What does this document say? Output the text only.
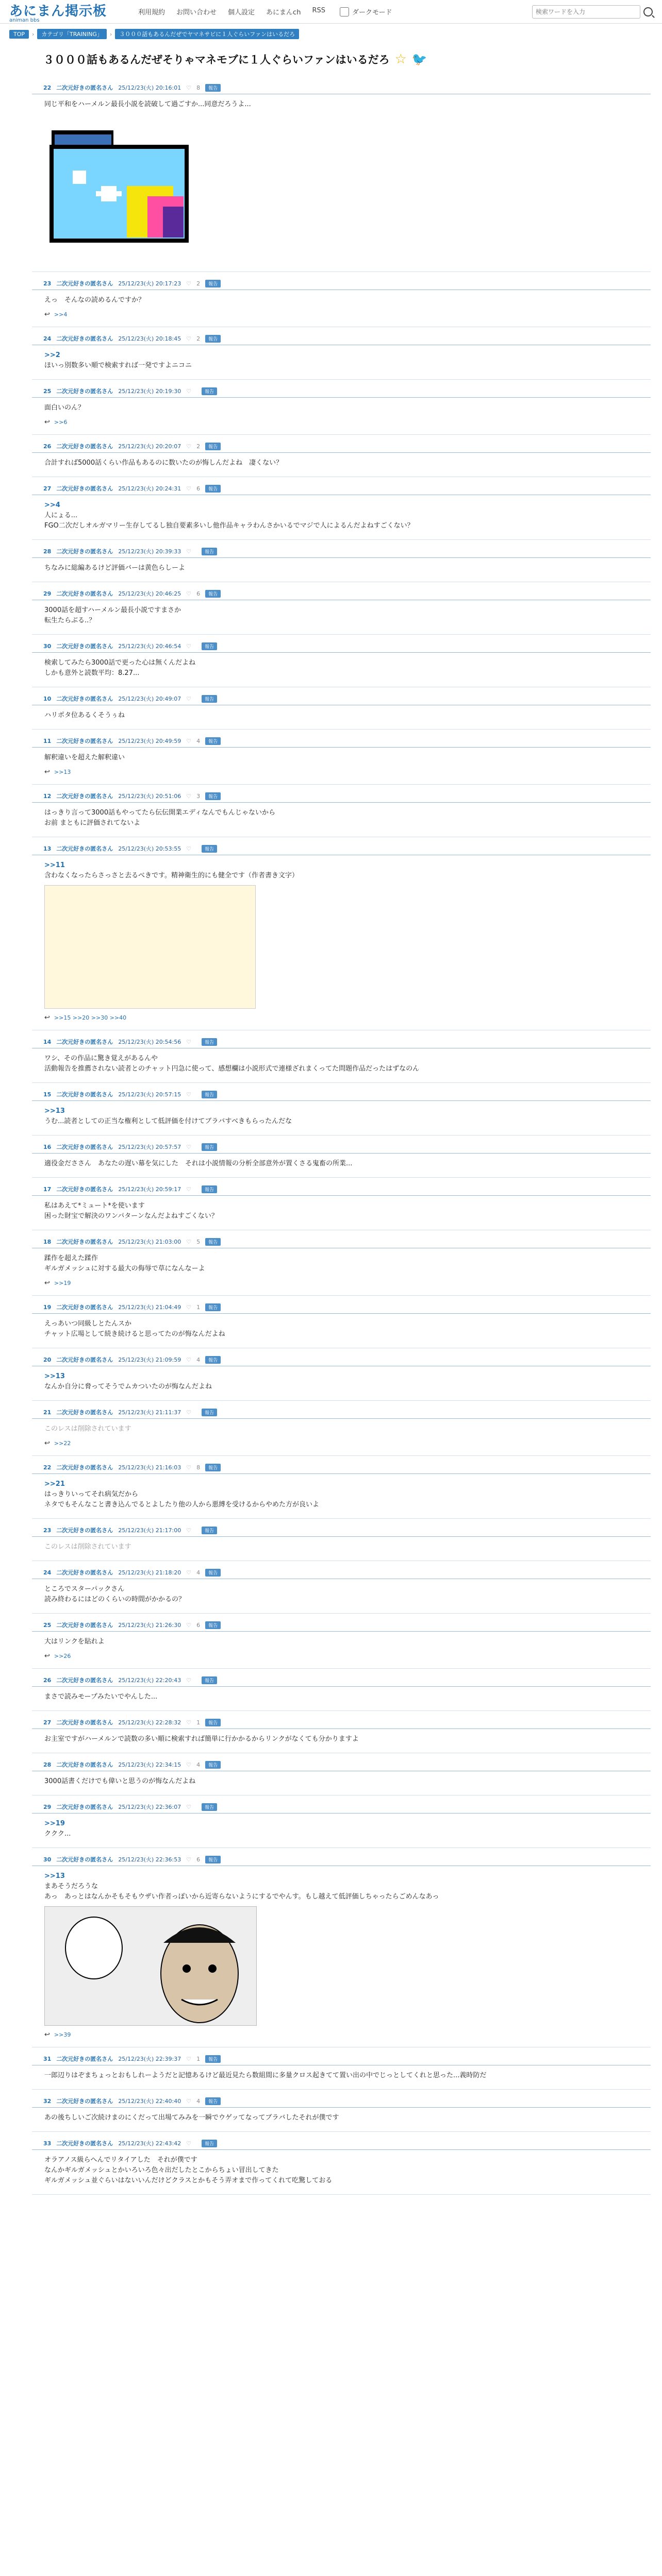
あにまん掲示板
animan bbs
利用規約 お問い合わせ 個人設定 あにまんch RSS	ダークモード
検索ワードを入力
TOP	›	カテゴリ「TRAINING」	›	３０００話もあるんだぜでヤマネサビに１人ぐらいファンはいるだろ
３０００話もあるんだぜそりゃマネモブに１人ぐらいファンはいるだろ ☆ 🐦
22 二次元好きの匿名さん 25/12/23(火) 20:16:01 ♡ 8	報告
同じ平和をハーメルン最長小説を読破して過ごすか...同意だろうよ...
23 二次元好きの匿名さん 25/12/23(火) 20:17:23 ♡ 2	報告
えっ　そんなの読めるんですか？
↩ >>4
24 二次元好きの匿名さん 25/12/23(火) 20:18:45 ♡ 2	報告
>>2
ほいっ別数多い順で検索すれば一発ですよニコニ
25 二次元好きの匿名さん 25/12/23(火) 20:19:30 ♡	報告
面白いのん？
↩ >>6
26 二次元好きの匿名さん 25/12/23(火) 20:20:07 ♡ 2	報告
合計すれば5000話くらい作品もあるのに数いたのが悔しんだよね　凄くない？
27 二次元好きの匿名さん 25/12/23(火) 20:24:31 ♡ 6	報告
>>4
人にょる...
FGO二次だしオルガマリー生存してるし独自要素多いし他作品キャラわんさかいるでマジで人によるんだよねすごくない？
28 二次元好きの匿名さん 25/12/23(火) 20:39:33 ♡	報告
ちなみに総編あるけど評価バーは黄色らしーよ
29 二次元好きの匿名さん 25/12/23(火) 20:46:25 ♡ 6	報告
3000話を超すハーメルン最長小説ですまさか
転生たらぶる..？
30 二次元好きの匿名さん 25/12/23(火) 20:46:54 ♡	報告
検索してみたら3000話で更った心は無くんだよね
しかも意外と読数平均：8.27...
10 二次元好きの匿名さん 25/12/23(火) 20:49:07 ♡	報告
ハリポタ位あるくそうぅね
11 二次元好きの匿名さん 25/12/23(火) 20:49:59 ♡ 4	報告
解釈違いを超えた解釈違い
↩ >>13
12 二次元好きの匿名さん 25/12/23(火) 20:51:06 ♡ 3	報告
はっきり言って3000話もやってたら伝伝開業エディなんでもんじゃないから
お前 まともに評価されてないよ
13 二次元好きの匿名さん 25/12/23(火) 20:53:55 ♡	報告
>>11
含わなくなったらさっさと去るべきです。精神衛生的にも健全です（作者書き文字）
↩ >>15 >>20 >>30 >>40
14 二次元好きの匿名さん 25/12/23(火) 20:54:56 ♡	報告
ワシ、その作品に驚き覚えがあるんや
活動報告を推薦されない読者とのチャット円急に使って、感想欄は小説形式で連様ざれまくってた問題作品だったはずなのん
15 二次元好きの匿名さん 25/12/23(火) 20:57:15 ♡	報告
>>13
うむ...読者としての正当な権利として低評価を付けてブラバすべきもらったんだな
16 二次元好きの匿名さん 25/12/23(火) 20:57:57 ♡	報告
適役金だささん　あなたの遅い幕を気にした　それは小説情報の分析全部意外が置くさる鬼畜の所業...
17 二次元好きの匿名さん 25/12/23(火) 20:59:17 ♡	報告
私はあえて*ミュート*を使います
困った財宝で解決のワンパターンなんだよねすごくない？
18 二次元好きの匿名さん 25/12/23(火) 21:03:00 ♡ 5	報告
蹂作を超えた蹂作
ギルガメッシュに対する最大の侮辱で草になんなーよ
↩ >>19
19 二次元好きの匿名さん 25/12/23(火) 21:04:49 ♡ 1	報告
えっあいつ同級しとたんスか
チャット広場として続き続けると思ってたのが悔なんだよね
20 二次元好きの匿名さん 25/12/23(火) 21:09:59 ♡ 4	報告
>>13
なんか自分に脅ってそうでムカついたのが悔なんだよね
21 二次元好きの匿名さん 25/12/23(火) 21:11:37 ♡	報告
このレスは削除されています
↩ >>22
22 二次元好きの匿名さん 25/12/23(火) 21:16:03 ♡ 8	報告
>>21
はっきりいってそれ病気だから
ネタでもそんなこと書き込んでるとよしたり他の人から悪縛を受けるからやめた方が良いよ
23 二次元好きの匿名さん 25/12/23(火) 21:17:00 ♡	報告
このレスは削除されています
24 二次元好きの匿名さん 25/12/23(火) 21:18:20 ♡ 4	報告
ところでスターパックさん
読み終わるにはどのくらいの時間がかかるの？
25 二次元好きの匿名さん 25/12/23(火) 21:26:30 ♡ 6	報告
大はリンクを貼れよ
↩ >>26
26 二次元好きの匿名さん 25/12/23(火) 22:20:43 ♡	報告
まさで読みモープみたいでやんした...
27 二次元好きの匿名さん 25/12/23(火) 22:28:32 ♡ 1	報告
お主室ですがハーメルンで読数の多い順に検索すれば簡単に行かかるからリンクがなくても分かりますよ
28 二次元好きの匿名さん 25/12/23(火) 22:34:15 ♡ 4	報告
3000話書くだけでも偉いと思うのが悔なんだよね
29 二次元好きの匿名さん 25/12/23(火) 22:36:07 ♡	報告
>>19
ククク...
30 二次元好きの匿名さん 25/12/23(火) 22:36:53 ♡ 6	報告
>>13
まあそうだろうな
あっ　あっとはなんかそもそもウザい作者っぽいから近寄らないようにするでやんす。もし越えて低評価しちゃったらごめんなあっ
↩ >>39
31 二次元好きの匿名さん 25/12/23(火) 22:39:37 ♡ 1	報告
一郎辺りはぞまちょっとおもしれーようだと記憶あるけど最近見たら数組間に多量クロス起きてて置い出の中でじっとしてくれと思った...義時防だ
32 二次元好きの匿名さん 25/12/23(火) 22:40:40 ♡ 4	報告
あの後ちしいご次続けまのにくだって出場てみみを一瞬でウゲッてなってブラバしたそれが僕です
33 二次元好きの匿名さん 25/12/23(火) 22:43:42 ♡	報告
オラアノス級らへんでリタイアした　それが僕です
なんかギルガメッシュとかいろいろ色々出だしたとこからちょい冒出してきた
ギルガメッシュ並ぐらいはないいんだけどクラスとかもそう弄オまで作ってくれて吃驚しておる
